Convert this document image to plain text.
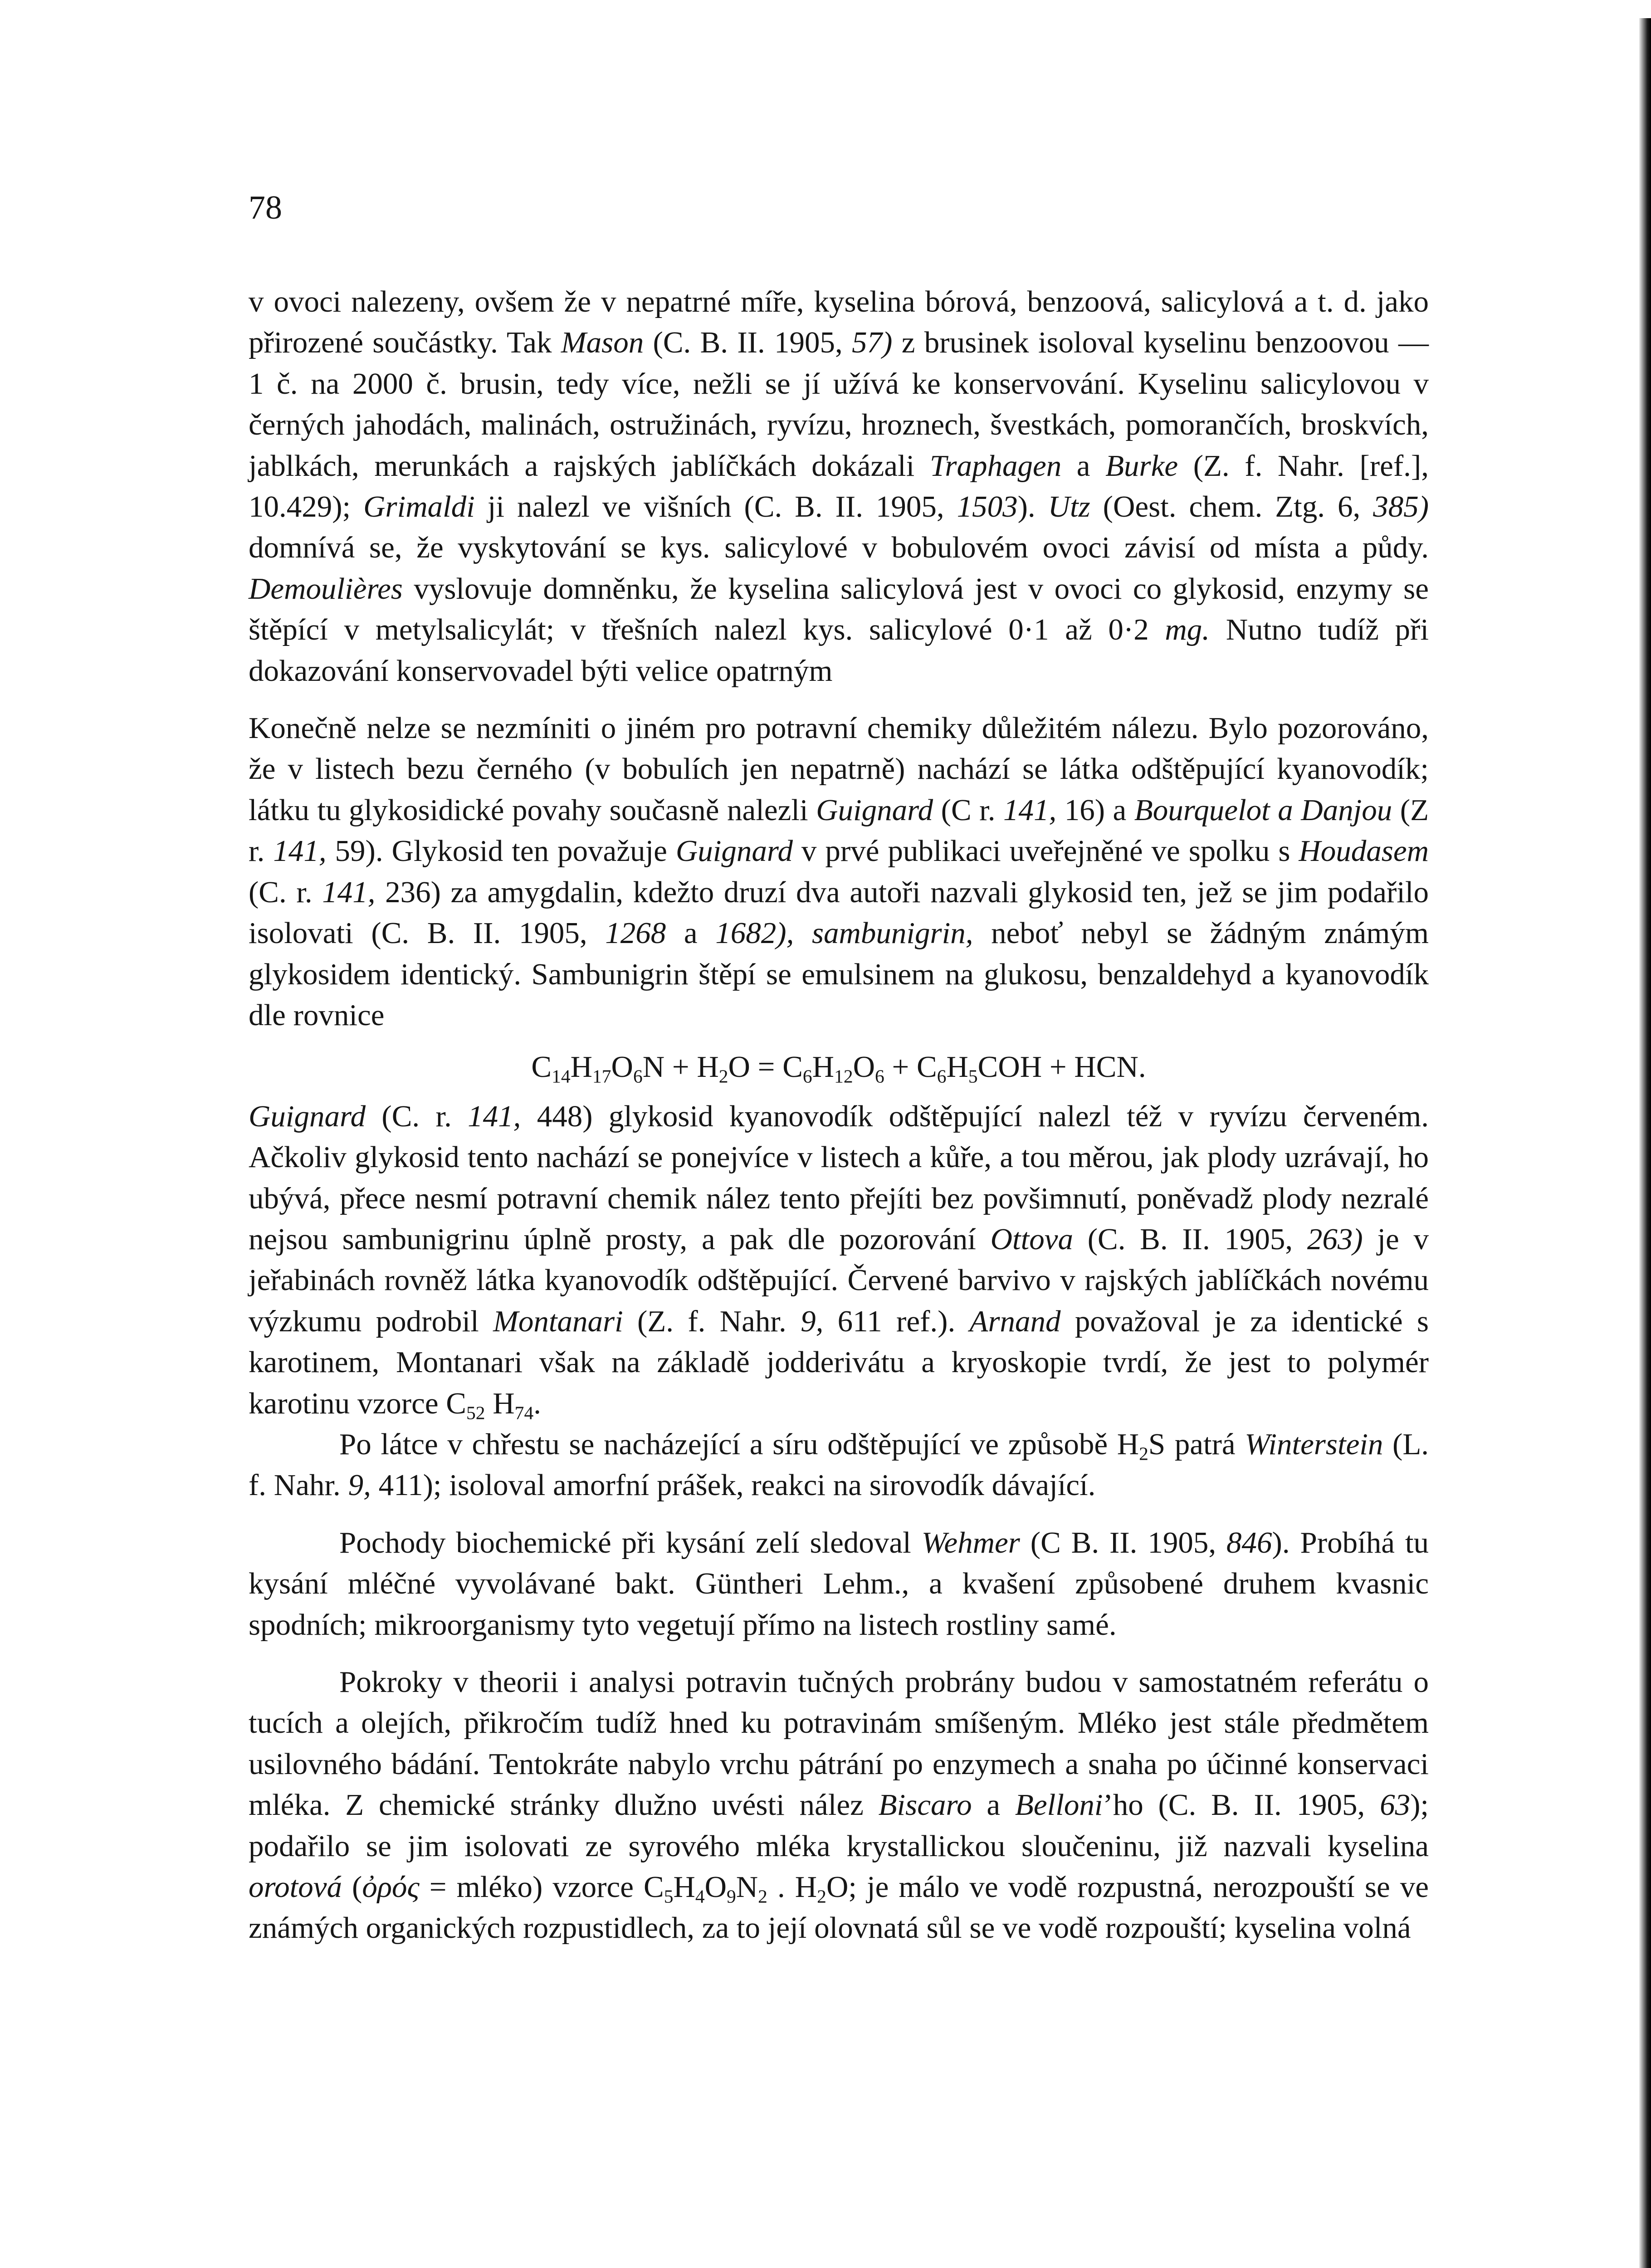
78

v ovoci nalezeny, ovšem že v nepatrné míře, kyselina bórová, benzoová, salicylová a t. d. jako přirozené součástky. Tak Mason (C. B. II. 1905, 57) z brusinek isoloval kyselinu benzoovou — 1 č. na 2000 č. brusin, tedy více, nežli se jí užívá ke konservování. Kyselinu salicylovou v černých jahodách, malinách, ostružinách, ryvízu, hroznech, švestkách, pomorančích, broskvích, jablkách, merunkách a rajských jablíčkách dokázali Traphagen a Burke (Z. f. Nahr. [ref.], 10.429); Grimaldi ji nalezl ve višních (C. B. II. 1905, 1503). Utz (Oest. chem. Ztg. 6, 385) domnívá se, že vyskytování se kys. salicylové v bobulovém ovoci závisí od místa a půdy. Demoulières vyslovuje domněnku, že kyselina salicylová jest v ovoci co glykosid, enzymy se štěpící v metylsalicylát; v třešních nalezl kys. salicylové 0·1 až 0·2 mg. Nutno tudíž při dokazování konservovadel býti velice opatrným

Konečně nelze se nezmíniti o jiném pro potravní chemiky důležitém nálezu. Bylo pozorováno, že v listech bezu černého (v bobulích jen nepatrně) nachází se látka odštěpující kyanovodík; látku tu glykosidické povahy současně nalezli Guignard (C r. 141, 16) a Bourquelot a Danjou (Z r. 141, 59). Glykosid ten považuje Guignard v prvé publikaci uveřejněné ve spolku s Houdasem (C. r. 141, 236) za amygdalin, kdežto druzí dva autoři nazvali glykosid ten, jež se jim podařilo isolovati (C. B. II. 1905, 1268 a 1682), sambunigrin, neboť nebyl se žádným známým glykosidem identický. Sambunigrin štěpí se emulsinem na glukosu, benzaldehyd a kyanovodík dle rovnice

$C_{14}H_{17}O_6N + H_2O = C_6H_{12}O_6 + C_6H_5COH$ + HCN.

Guignard (C. r. 141, 448) glykosid kyanovodík odštěpující nalezl též v ryvízu červeném. Ačkoliv glykosid tento nachází se ponejvíce v listech a kůře, a tou měrou, jak plody uzrávají, ho ubývá, přece nesmí potravní chemik nález tento přejíti bez povšimnutí, poněvadž plody nezralé nejsou sambunigrinu úplně prosty, a pak dle pozorování Ottova (C. B. II. 1905, 263) je v jeřabinách rovněž látka kyanovodík odštěpující. Červené barvivo v rajských jablíčkách novému výzkumu podrobil Montanari (Z. f. Nahr. 9, 611 ref.). Arnand považoval je za identické s karotinem, Montanari však na základě jodderivátu a kryoskopie tvrdí, že jest to polymér karotinu vzorce $C_{52}$ $H_{74}$.

Po látce v chřestu se nacházející a síru odštěpující ve způsobě $H_2S$ patrá Winterstein (L. f. Nahr. 9, 411); isoloval amorfní prášek, reakci na sirovodík dávající.

Pochody biochemické při kysání zelí sledoval Wehmer (C B. II. 1905, 846). Probíhá tu kysání mléčné vyvolávané bakt. Güntheri Lehm., a kvašení způsobené druhem kvasnic spodních; mikroorganismy tyto vegetují přímo na listech rostliny samé.

Pokroky v theorii i analysi potravin tučných probrány budou v samostatném referátu o tucích a olejích, přikročím tudíž hned ku potravinám smíšeným. Mléko jest stále předmětem usilovného bádání. Tentokráte nabylo vrchu pátrání po enzymech a snaha po účinné konservaci mléka. Z chemické stránky dlužno uvésti nález Biscaro a Belloni’ho (C. B. II. 1905, 63); podařilo se jim isolovati ze syrového mléka krystallickou sloučeninu, již nazvali kyselina orotová (ὀρός = mléko) vzorce $C_5H_4O_9N_2$ . $H_2O$; je málo ve vodě rozpustná, nerozpouští se ve známých organických rozpustidlech, za to její olovnatá sůl se ve vodě rozpouští; kyselina volná
